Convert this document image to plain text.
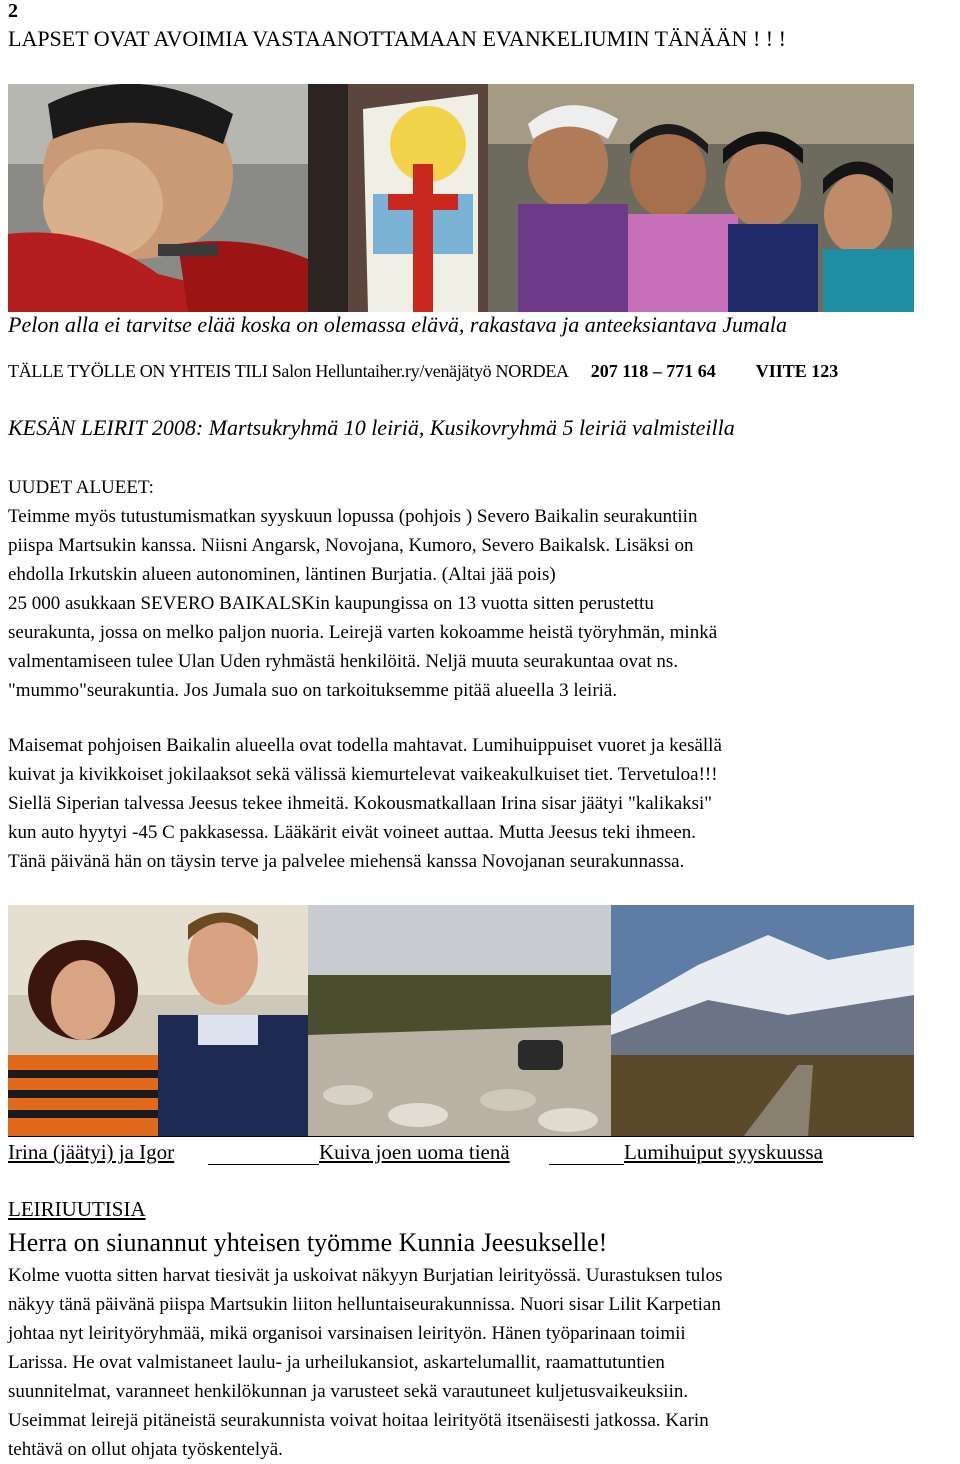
2
LAPSET OVAT AVOIMIA VASTAANOTTAMAAN EVANKELIUMIN TÄNÄÄN ! ! !
Pelon alla ei tarvitse elää koska on olemassa elävä, rakastava ja anteeksiantava Jumala
TÄLLE TYÖLLE ON YHTEIS TILI Salon Helluntaiher.ry/venäjätyö NORDEA 207 118 – 771 64 VIITE 123
KESÄN LEIRIT 2008: Martsukryhmä 10 leiriä, Kusikovryhmä 5 leiriä valmisteilla
UUDET ALUEET:
Teimme myös tutustumismatkan syyskuun lopussa (pohjois ) Severo Baikalin seurakuntiin
piispa Martsukin kanssa. Niisni Angarsk, Novojana, Kumoro, Severo Baikalsk. Lisäksi on
ehdolla Irkutskin alueen autonominen, läntinen Burjatia. (Altai jää pois)
25 000 asukkaan SEVERO BAIKALSKin kaupungissa on 13 vuotta sitten perustettu
seurakunta, jossa on melko paljon nuoria. Leirejä varten kokoamme heistä työryhmän, minkä
valmentamiseen tulee Ulan Uden ryhmästä henkilöitä. Neljä muuta seurakuntaa ovat ns.
"mummo"seurakuntia. Jos Jumala suo on tarkoituksemme pitää alueella 3 leiriä.
Maisemat pohjoisen Baikalin alueella ovat todella mahtavat. Lumihuippuiset vuoret ja kesällä
kuivat ja kivikkoiset jokilaaksot sekä välissä kiemurtelevat vaikeakulkuiset tiet. Tervetuloa!!!
Siellä Siperian talvessa Jeesus tekee ihmeitä. Kokousmatkallaan Irina sisar jäätyi "kalikaksi"
kun auto hyytyi -45 C pakkasessa. Lääkärit eivät voineet auttaa. Mutta Jeesus teki ihmeen.
Tänä päivänä hän on täysin terve ja palvelee miehensä kanssa Novojanan seurakunnassa.
Irina (jäätyi) ja Igor	Kuiva joen uoma tienä	Lumihuiput syyskuussa
LEIRIUUTISIA
Herra on siunannut yhteisen työmme Kunnia Jeesukselle!
Kolme vuotta sitten harvat tiesivät ja uskoivat näkyyn Burjatian leirityössä. Uurastuksen tulos
näkyy tänä päivänä piispa Martsukin liiton helluntaiseurakunnissa. Nuori sisar Lilit Karpetian
johtaa nyt leirityöryhmää, mikä organisoi varsinaisen leirityön. Hänen työparinaan toimii
Larissa. He ovat valmistaneet laulu- ja urheilukansiot, askartelumallit, raamattutuntien
suunnitelmat, varanneet henkilökunnan ja varusteet sekä varautuneet kuljetusvaikeuksiin.
Useimmat leirejä pitäneistä seurakunnista voivat hoitaa leirityötä itsenäisesti jatkossa. Karin
tehtävä on ollut ohjata työskentelyä.
